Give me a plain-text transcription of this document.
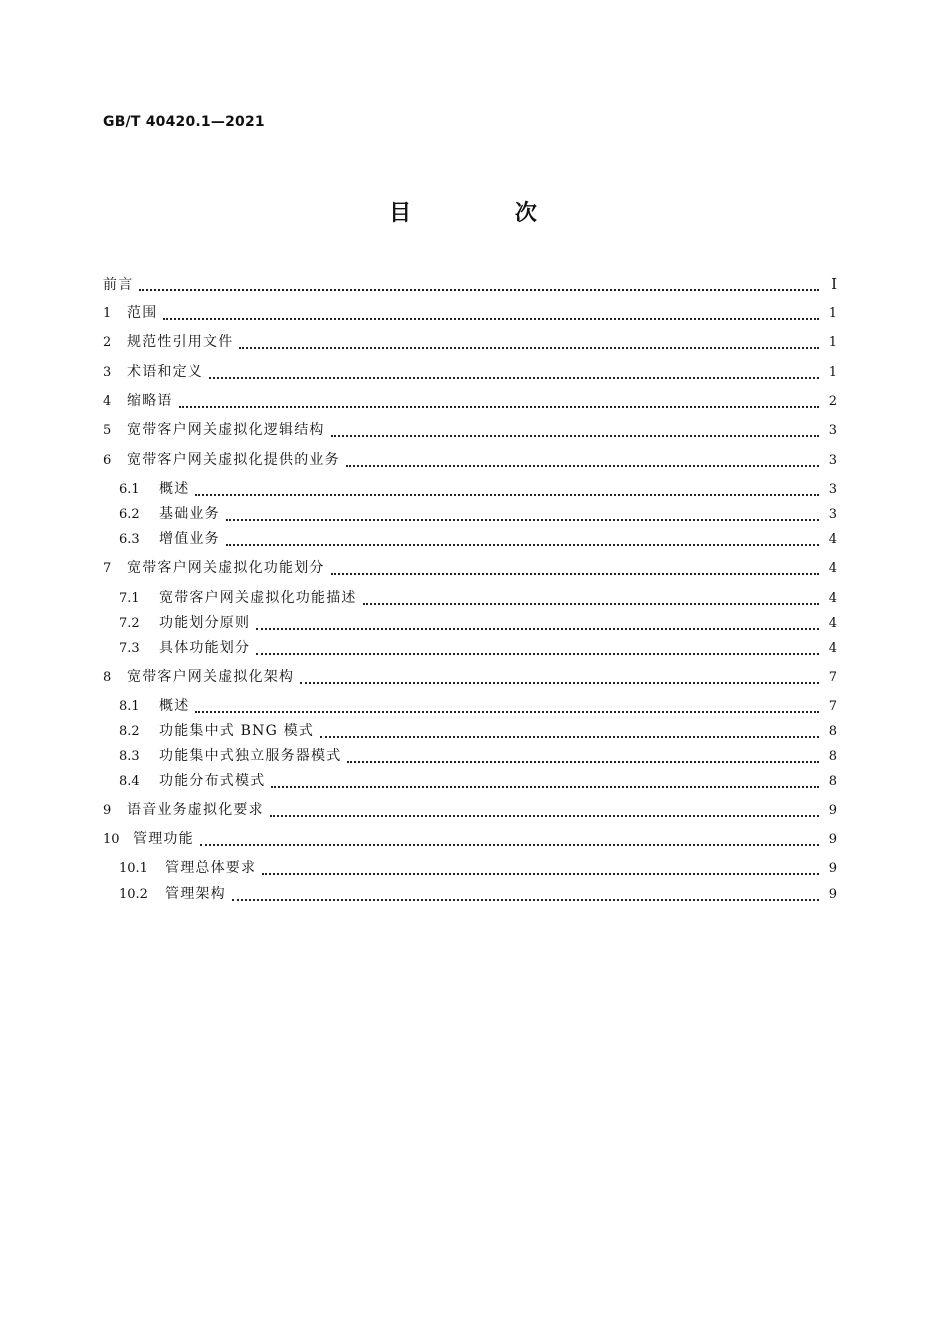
GB/T 40420.1—2021
目 次
前言	I
1	范围	1
2	规范性引用文件	1
3	术语和定义	1
4	缩略语	2
5	宽带客户网关虚拟化逻辑结构	3
6	宽带客户网关虚拟化提供的业务	3
6.1	概述	3
6.2	基础业务	3
6.3	增值业务	4
7	宽带客户网关虚拟化功能划分	4
7.1	宽带客户网关虚拟化功能描述	4
7.2	功能划分原则	4
7.3	具体功能划分	4
8	宽带客户网关虚拟化架构	7
8.1	概述	7
8.2	功能集中式 BNG 模式	8
8.3	功能集中式独立服务器模式	8
8.4	功能分布式模式	8
9	语音业务虚拟化要求	9
10 管理功能	9
10.1	管理总体要求	9
10.2	管理架构	9
